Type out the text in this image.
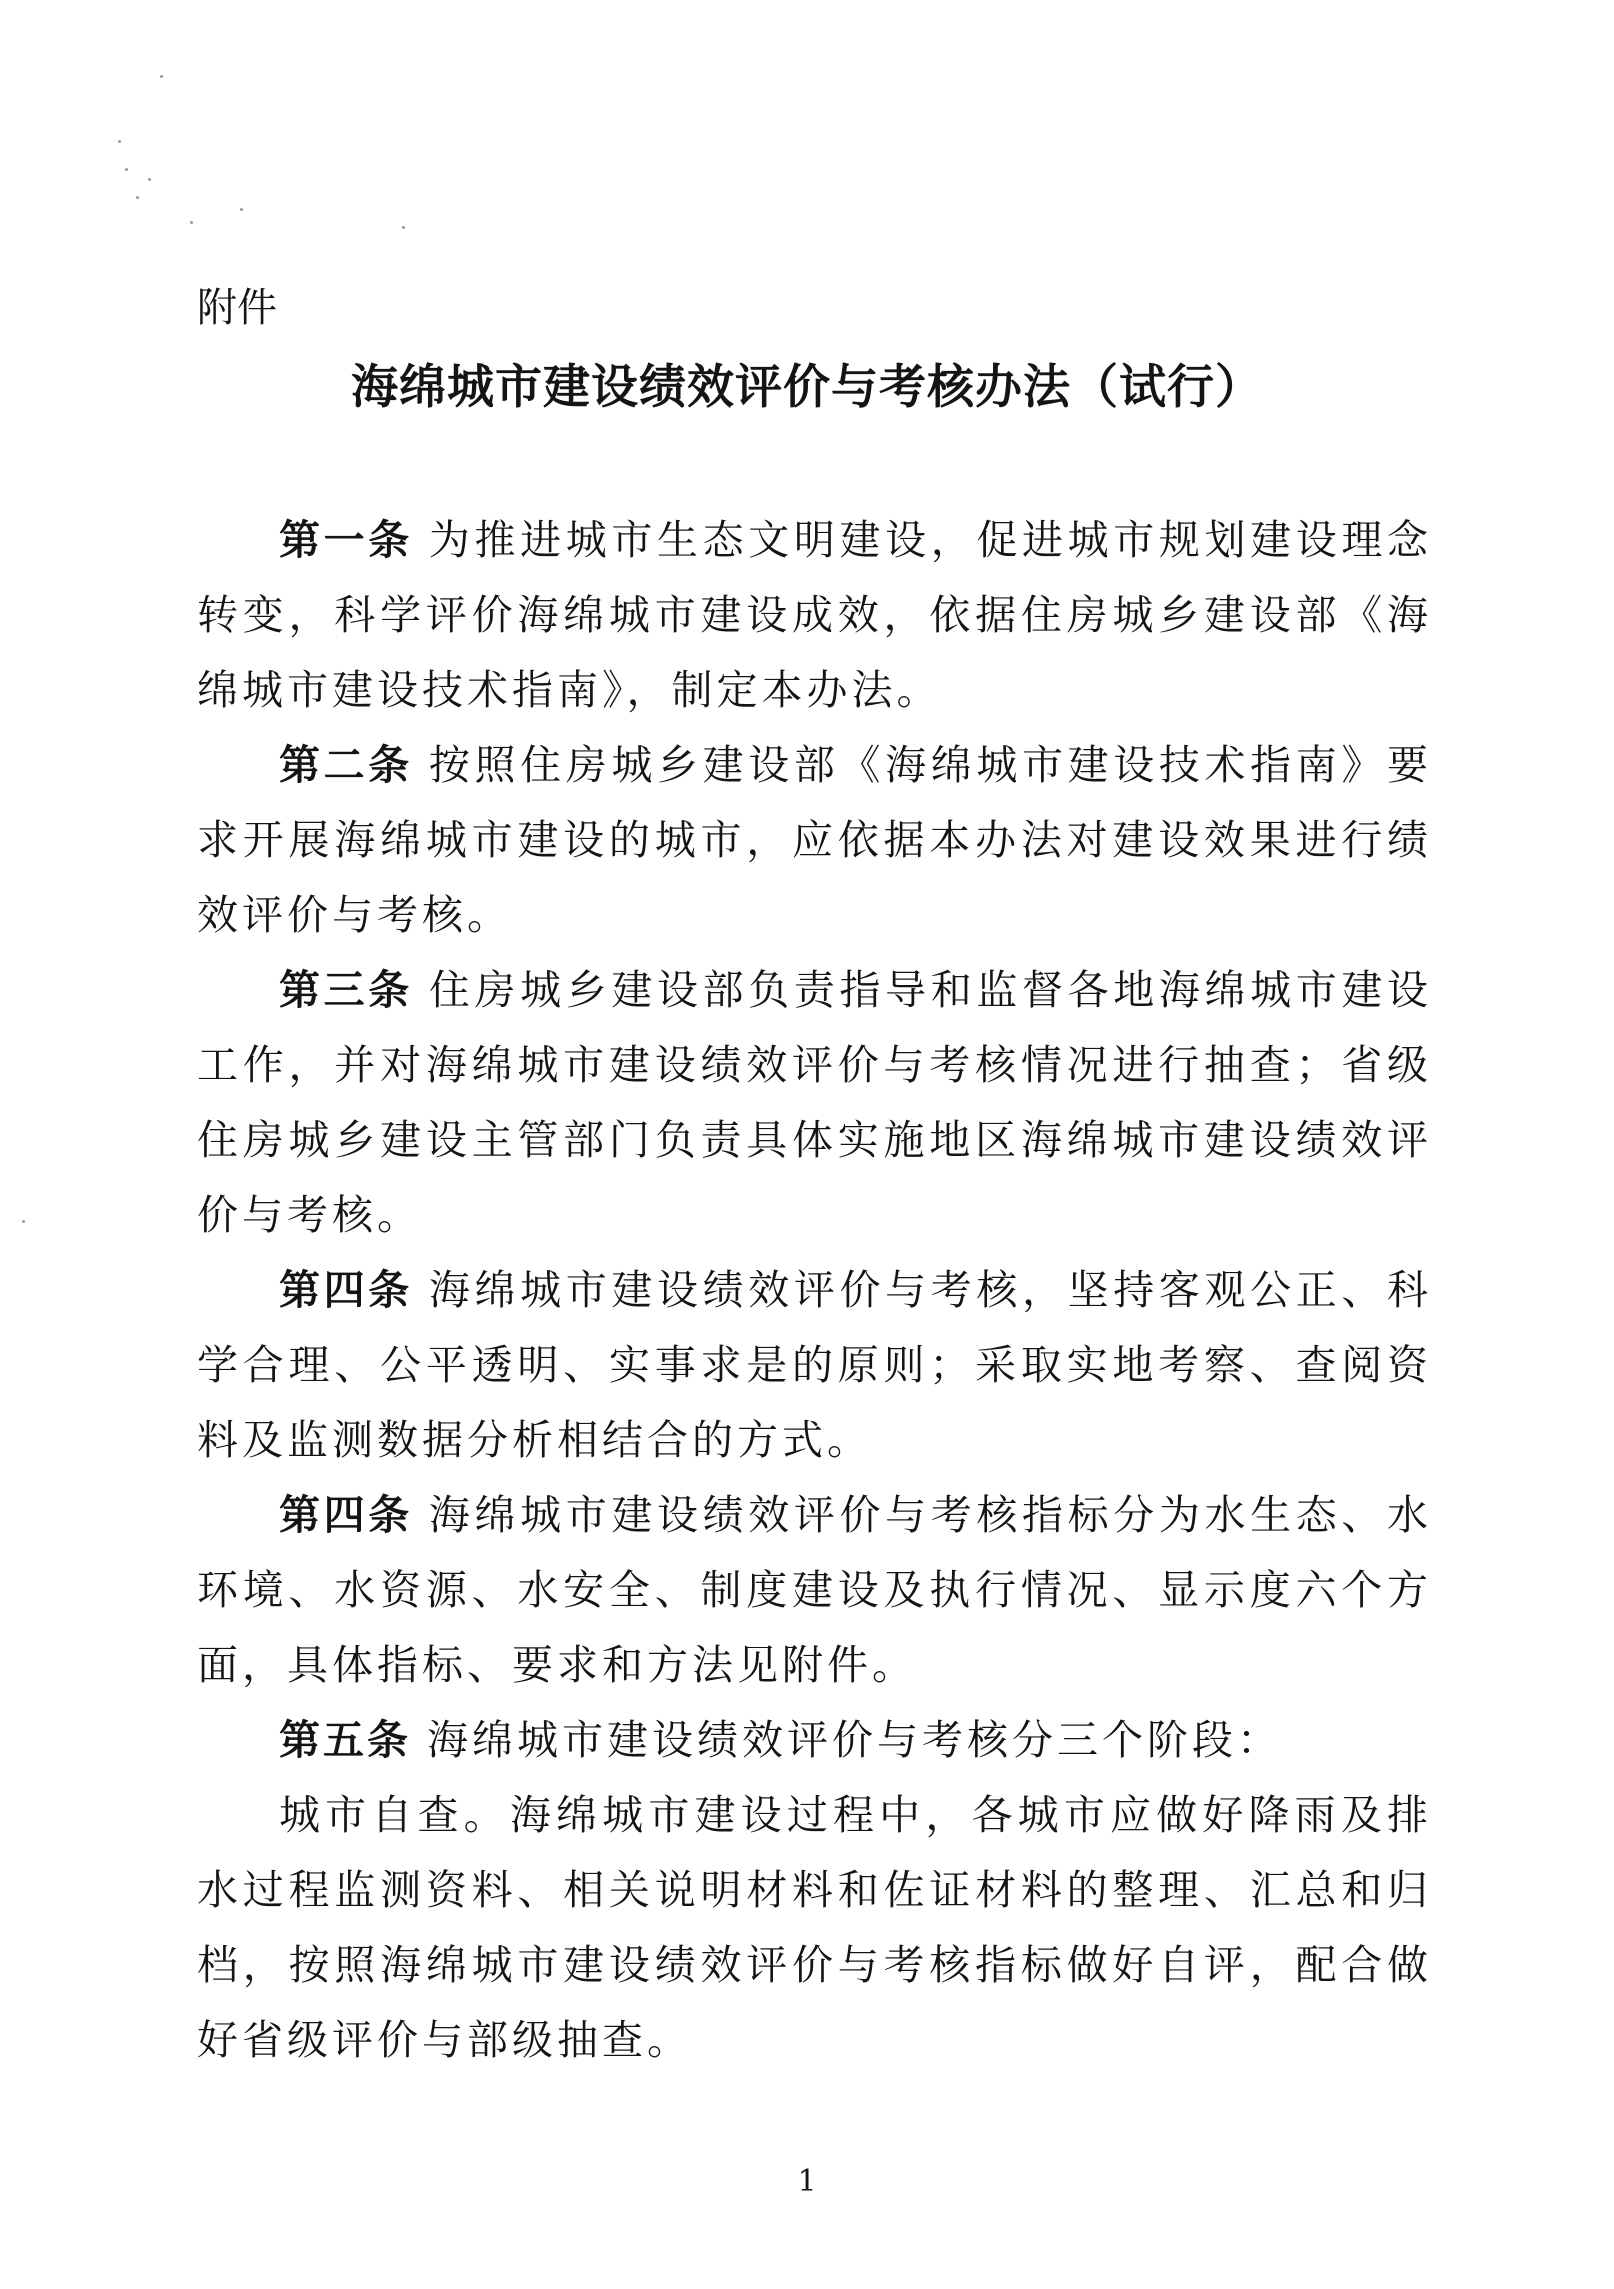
附件
海绵城市建设绩效评价与考核办法（试行）

第一条 为推进城市生态文明建设，促进城市规划建设理念转变，科学评价海绵城市建设成效，依据住房城乡建设部《海绵城市建设技术指南》，制定本办法。

第二条 按照住房城乡建设部《海绵城市建设技术指南》要求开展海绵城市建设的城市，应依据本办法对建设效果进行绩效评价与考核。

第三条 住房城乡建设部负责指导和监督各地海绵城市建设工作，并对海绵城市建设绩效评价与考核情况进行抽查；省级住房城乡建设主管部门负责具体实施地区海绵城市建设绩效评价与考核。

第四条 海绵城市建设绩效评价与考核，坚持客观公正、科学合理、公平透明、实事求是的原则；采取实地考察、查阅资料及监测数据分析相结合的方式。

第四条 海绵城市建设绩效评价与考核指标分为水生态、水环境、水资源、水安全、制度建设及执行情况、显示度六个方面，具体指标、要求和方法见附件。

第五条 海绵城市建设绩效评价与考核分三个阶段：

城市自查。海绵城市建设过程中，各城市应做好降雨及排水过程监测资料、相关说明材料和佐证材料的整理、汇总和归档，按照海绵城市建设绩效评价与考核指标做好自评，配合做好省级评价与部级抽查。

1
